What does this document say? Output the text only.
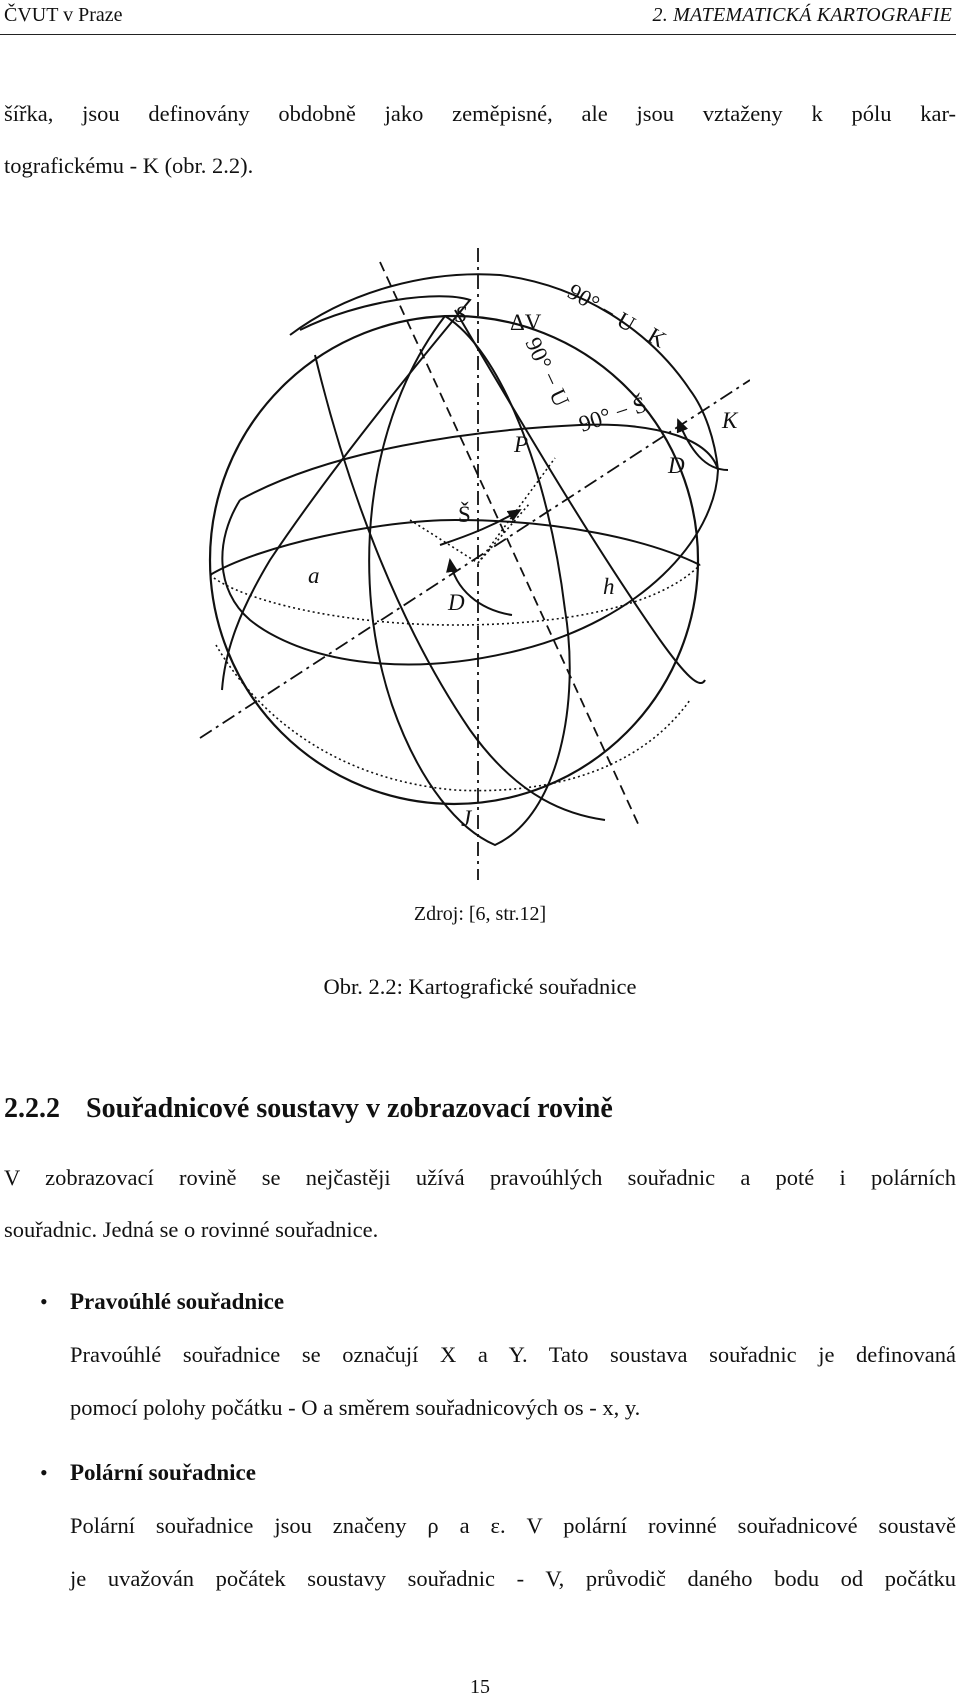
ČVUT v Praze	2. MATEMATICKÁ KARTOGRAFIE

šířka, jsou definovány obdobně jako zeměpisné, ale jsou vztaženy k pólu kar-
tografickému - K (obr. 2.2).

S ΔV 90° − U
K
90° − U
90° − Š
P
K
D
Š
a
D
h
J
Zdroj: [6, str.12]
Obr. 2.2: Kartografické souřadnice
2.2.2 Souřadnicové soustavy v zobrazovací rovině

V zobrazovací rovině se nejčastěji užívá pravoúhlých souřadnic a poté i polárních
souřadnic. Jedná se o rovinné souřadnice.

• Pravoúhlé souřadnice
Pravoúhlé souřadnice se označují X a Y. Tato soustava souřadnic je definovaná
pomocí polohy počátku - O a směrem souřadnicových os - x, y.
• Polární souřadnice
Polární souřadnice jsou značeny ρ a ε. V polární rovinné souřadnicové soustavě
je uvažován počátek soustavy souřadnic - V, průvodič daného bodu od počátku
15
